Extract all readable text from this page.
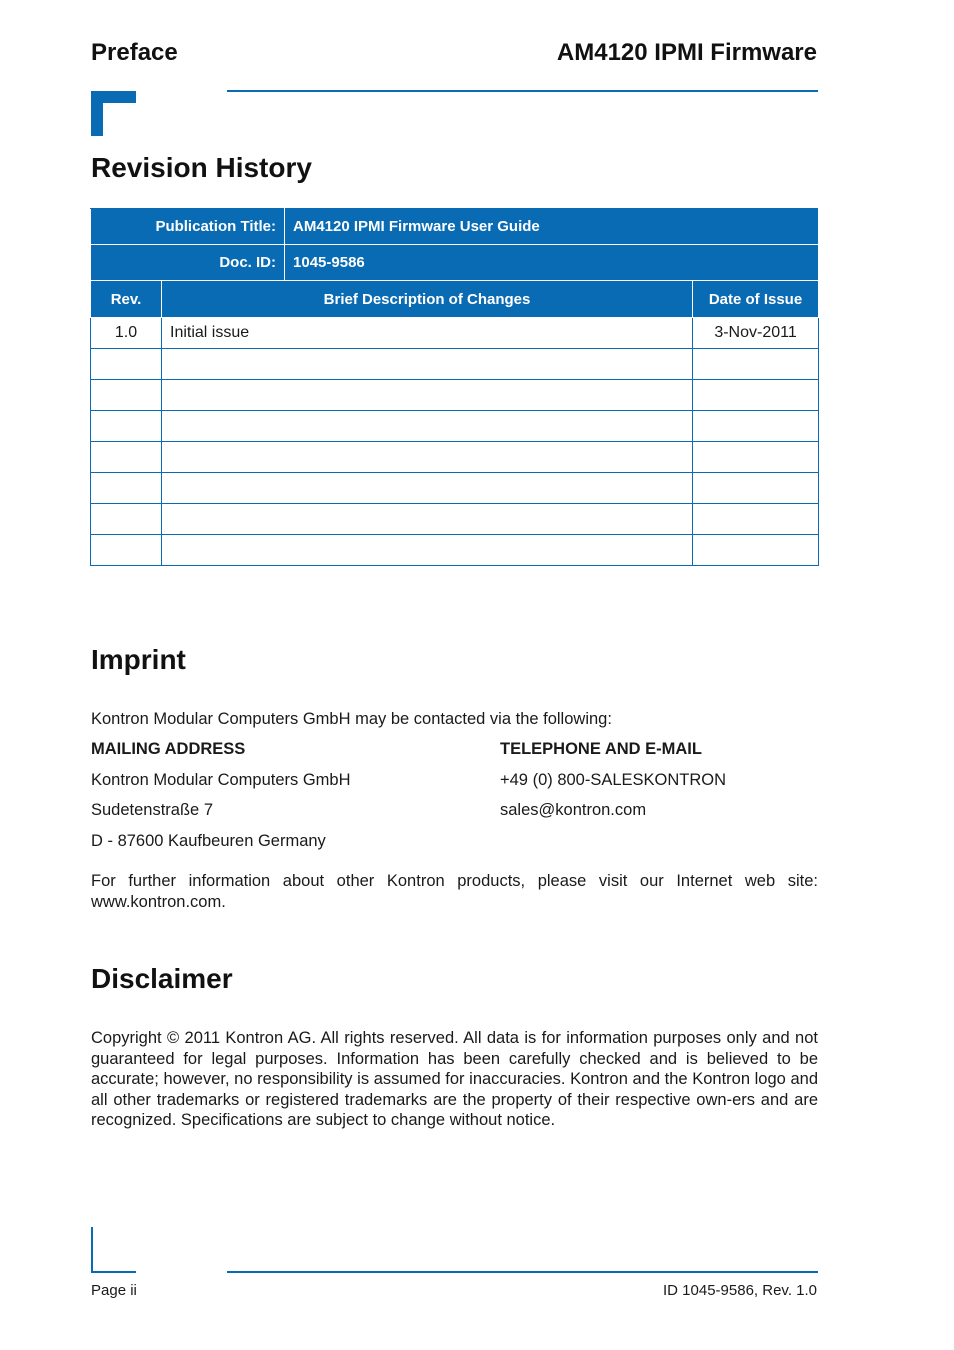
Preface	AM4120 IPMI Firmware
Revision History
Publication Title:		AM4120 IPMI Firmware User Guide	
Doc. ID:		1045-9586	
Rev.	Brief Description of Changes		Date of Issue
1.0	Initial issue		3-Nov-2011

Imprint
Kontron Modular Computers GmbH may be contacted via the following:
MAILING ADDRESS
Kontron Modular Computers GmbH
Sudetenstraße 7
D - 87600 Kaufbeuren Germany
TELEPHONE AND E-MAIL
+49 (0) 800-SALESKONTRON
sales@kontron.com
For further information about other Kontron products, please visit our Internet web site: www.kontron.com.
Disclaimer
Copyright © 2011 Kontron AG. All rights reserved. All data is for information purposes only and not guaranteed for legal purposes. Information has been carefully checked and is believed to be accurate; however, no responsibility is assumed for inaccuracies. Kontron and the Kontron logo and all other trademarks or registered trademarks are the property of their respective own-ers and are recognized. Specifications are subject to change without notice.
Page ii	ID 1045-9586, Rev. 1.0
